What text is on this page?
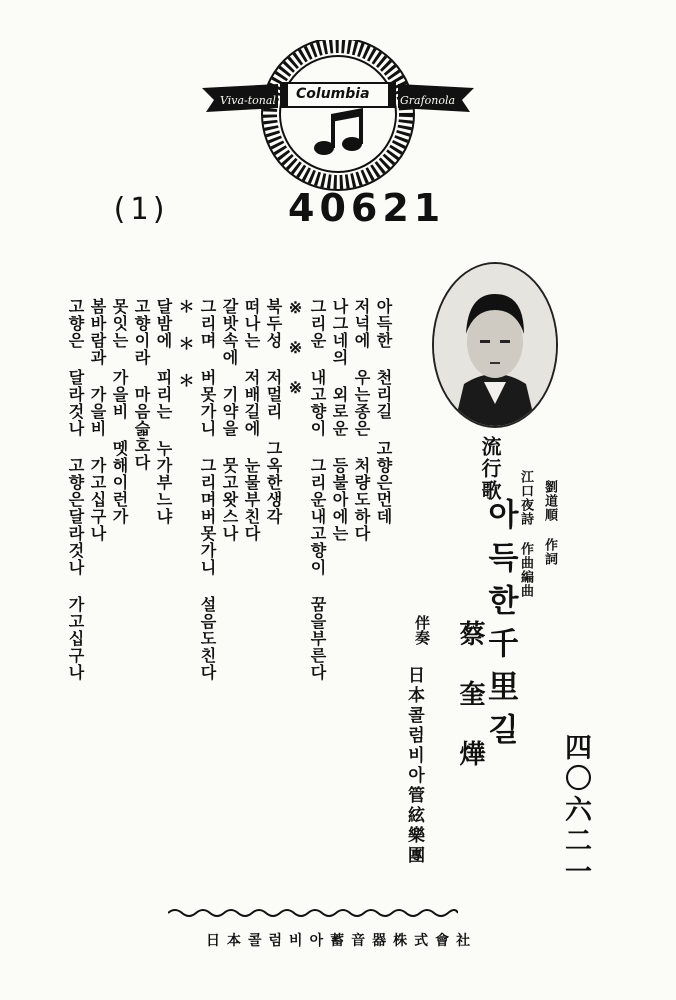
Viva-tonal Columbia	Grafonola
(1)	40621
아득한 천리길 고향은먼데
저넉에 우는종은 처량도하다
나그네의 외로운 등불아에는
그리운 내고향이 그리운내고향이 꿈을부른다
※ ※ ※
북두성 저멀리 그옥한생각
떠나는 저배길에 눈물부친다
갈밧속에 기약을 뭇고왓스나
그리며 버못가니 그리며버못가니 설음도친다
＊ ＊ ＊
달밤에 피리는 누가부느냐
고향이라 마음슯호다
못잇는 가을비 멧해이런가
봄바람과 가을비 가고십구나
고향은 달라것나 고향은달라것나 가고십구나	流行歌
아득한千里길	劉道順 作詞
江口夜詩 作曲編曲
蔡奎燁
伴奏
日本콜럼비아管絃樂團	四〇六二一
日本콜럼비아蓄音器株式會社
